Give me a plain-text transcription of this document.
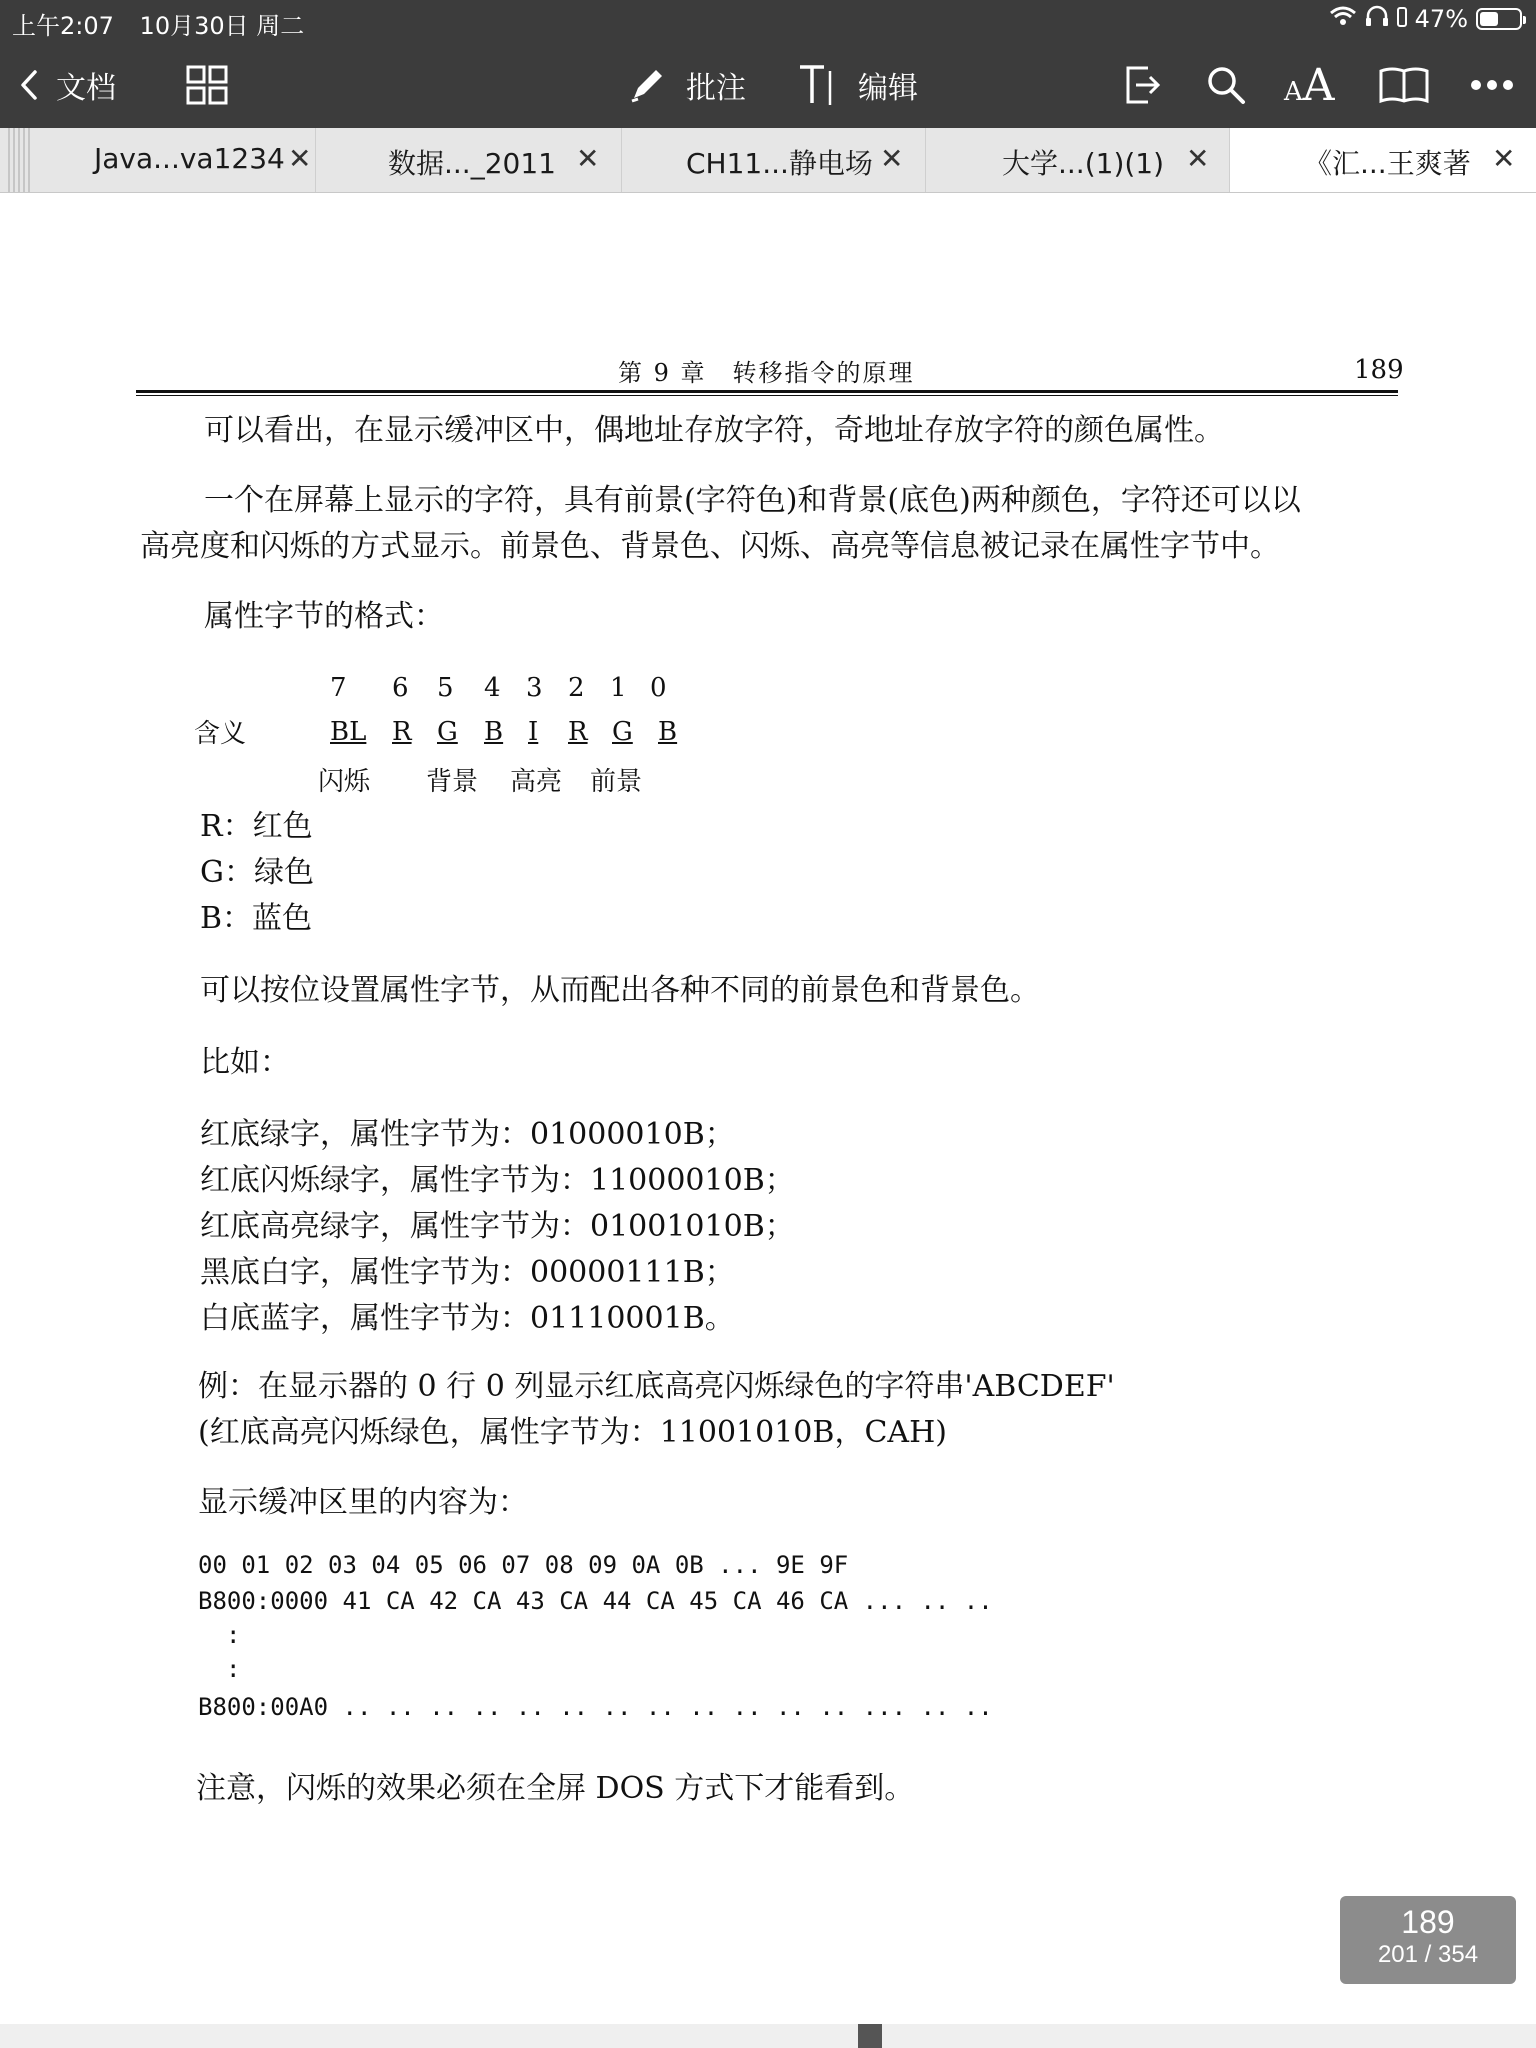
上午2:07 10月30日 周二	47%
文档	批注	编辑	AA
Java...va1234 ✕	数据..._2011 ✕	CH11...静电场 ✕	大学...(1)(1) ✕	《汇...王爽著 ✕
第 9 章　转移指令的原理	189
可以看出，在显示缓冲区中，偶地址存放字符，奇地址存放字符的颜色属性。
一个在屏幕上显示的字符，具有前景(字符色)和背景(底色)两种颜色，字符还可以以
高亮度和闪烁的方式显示。前景色、背景色、闪烁、高亮等信息被记录在属性字节中。
属性字节的格式：
7 6 5 4 3 2 1 0
含义	BL R G B I R G B
闪烁 背景 高亮 前景
R：红色
G：绿色
B：蓝色
可以按位设置属性字节，从而配出各种不同的前景色和背景色。
比如：
红底绿字，属性字节为：01000010B；
红底闪烁绿字，属性字节为：11000010B；
红底高亮绿字，属性字节为：01001010B；
黑底白字，属性字节为：00000111B；
白底蓝字，属性字节为：01110001B。
例：在显示器的 0 行 0 列显示红底高亮闪烁绿色的字符串'ABCDEF'
(红底高亮闪烁绿色，属性字节为：11001010B，CAH)
显示缓冲区里的内容为：
00 01 02 03 04 05 06 07 08 09 0A 0B ... 9E 9F
B800:0000 41 CA 42 CA 43 CA 44 CA 45 CA 46 CA ... .. ..
:
:
B800:00A0 .. .. .. .. .. .. .. .. .. .. .. .. ... .. ..
注意，闪烁的效果必须在全屏 DOS 方式下才能看到。
189
201 / 354
